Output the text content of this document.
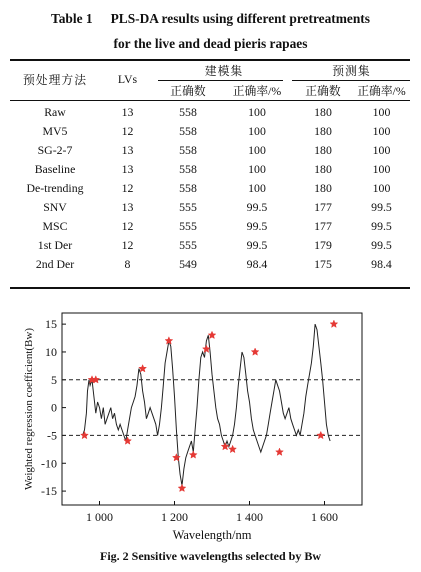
Table 1 PLS-DA results using different pretreatments
for the live and dead pieris rapaes
预处理方法	LVs	建模集		预测集	
		正确数	正确率/%	正确数	正确率/%
Raw	13	558	100	180	100
MV5	12	558	100	180	100
SG-2-7	13	558	100	180	100
Baseline	13	558	100	180	100
De-trending	12	558	100	180	100
SNV	13	555	99.5	177	99.5
MSC	12	555	99.5	177	99.5
1st Der	12	555	99.5	179	99.5
2nd Der	8	549	98.4	175	98.4
15
10
5
0
-5
-10
-15
1 000	1 200	1 400	1 600
Wavelength/nm
Weighted regression coefficient(Bw)
Fig. 2 Sensitive wavelengths selected by Bw
